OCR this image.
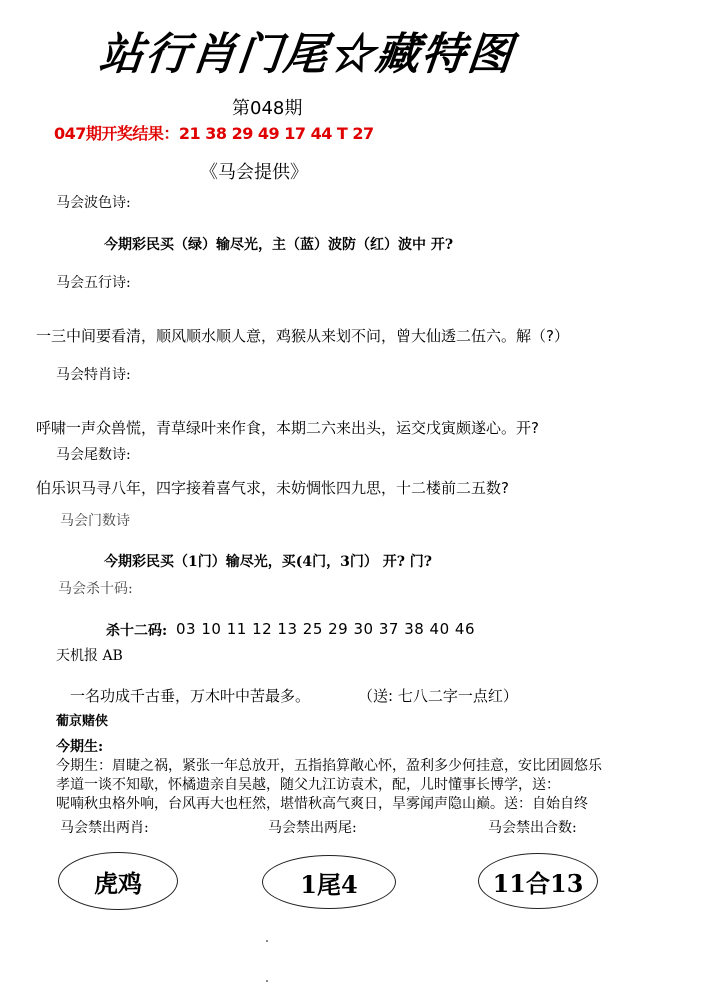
站行肖门尾☆藏特图
第048期
047期开奖结果：21 38 29 49 17 44 T 27
《马会提供》
马会波色诗:
今期彩民买（绿）输尽光，主（蓝）波防（红）波中 开?
马会五行诗:
一三中间要看清，顺风顺水顺人意，鸡猴从来划不问，曾大仙透二伍六。解（?）
马会特肖诗:
呼啸一声众兽慌，青草绿叶来作食，本期二六来出头，运交戊寅颇遂心。开?
马会尾数诗:
伯乐识马寻八年，四字接着喜气求，未妨惆怅四九思，十二楼前二五数?
马会门数诗
今期彩民买（1门）输尽光，买(4门，3门） 开? 门?
马会杀十码:
杀十二码: 03 10 11 12 13 25 29 30 37 38 40 46
天机报 AB
一名功成千古垂，万木叶中苦最多。	（送: 七八二字一点红）
葡京赌侠
今期生:
今期生：眉睫之祸，紧张一年总放开，五指掐算敞心怀，盈利多少何挂意，安比团圆悠乐
孝道一谈不知歇，怀橘遗亲自吴越，随父九江访袁术，配，儿时懂事长博学，送：
呢喃秋虫格外响，台风再大也枉然，堪惜秋高气爽日，旱雾闻声隐山巅。送：自始自终
马会禁出两肖:	马会禁出两尾:	马会禁出合数:
虎鸡	1尾4	11合13
